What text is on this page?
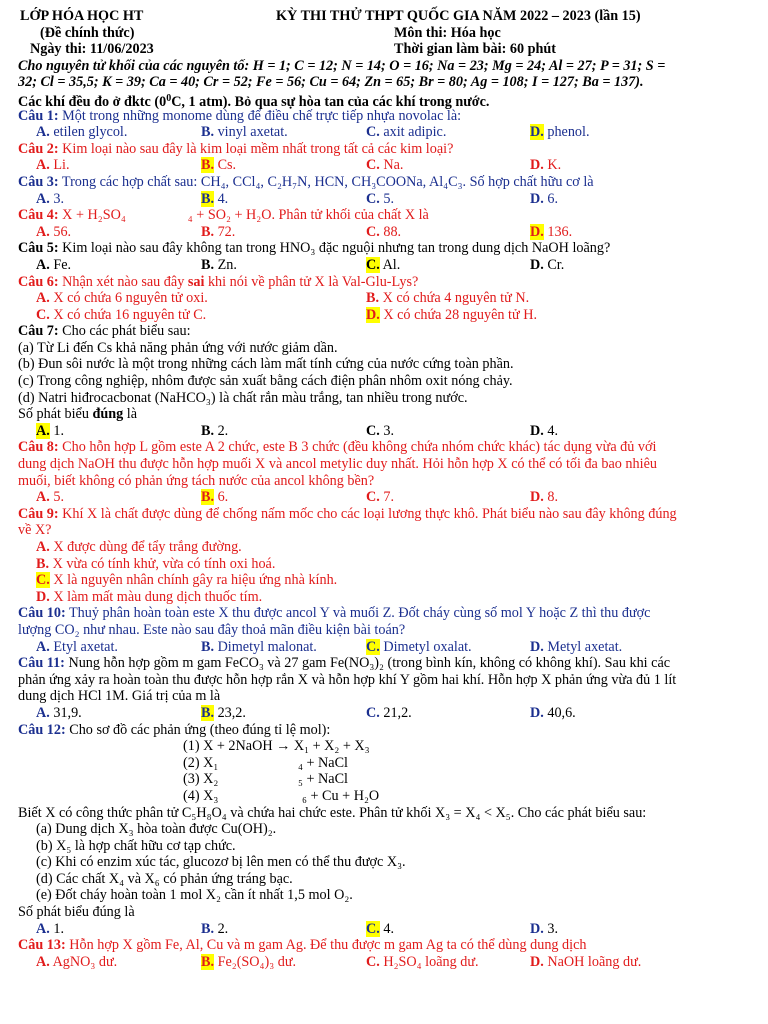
LỚP HÓA HỌC HT	KỲ THI THỬ THPT QUỐC GIA NĂM 2022 – 2023 (lần 15)
(Đề chính thức)	Môn thi: Hóa học
Ngày thi: 11/06/2023	Thời gian làm bài: 60 phút
Cho nguyên tử khối của các nguyên tố: H = 1; C = 12; N = 14; O = 16; Na = 23; Mg = 24; Al = 27; P = 31; S =
32; Cl = 35,5; K = 39; Ca = 40; Cr = 52; Fe = 56; Cu = 64; Zn = 65; Br = 80; Ag = 108; I = 127; Ba = 137).
Các khí đều đo ở đktc ($0^0C$, 1 atm). Bỏ qua sự hòa tan của các khí trong nước.
Câu 1: Một trong những monome dùng để điều chế trực tiếp nhựa novolac là:
A. etilen glycol.	B. vinyl axetat.	C. axit adipic.	D. phenol.
Câu 2: Kim loại nào sau đây là kim loại mềm nhất trong tất cả các kim loại?
A. Li.	B. Cs.	C. Na.	D. K.
Câu 3: Trong các hợp chất sau: CH₄, CCl₄, C₂H₇N, HCN, CH₃COONa, Al₄C₃. Số hợp chất hữu cơ là
A. 3.	B. 4.	C. 5.	D. 6.
Câu 4: X + H₂SO₄	₄ + SO₂ + H₂O. Phân tử khối của chất X là
A. 56.	B. 72.	C. 88.	D. 136.
Câu 5: Kim loại nào sau đây không tan trong HNO₃ đặc nguội nhưng tan trong dung dịch NaOH loãng?
A. Fe.	B. Zn.	C. Al.	D. Cr.
Câu 6: Nhận xét nào sau đây sai khi nói về phân tử X là Val-Glu-Lys?
A. X có chứa 6 nguyên tử oxi.	B. X có chứa 4 nguyên tử N.
C. X có chứa 16 nguyên tử C.	D. X có chứa 28 nguyên tử H.
Câu 7: Cho các phát biểu sau:
(a) Từ Li đến Cs khả năng phản ứng với nước giảm dần.
(b) Đun sôi nước là một trong những cách làm mất tính cứng của nước cứng toàn phần.
(c) Trong công nghiệp, nhôm được sản xuất bằng cách điện phân nhôm oxit nóng chảy.
(d) Natri hiđrocacbonat (NaHCO₃) là chất rắn màu trắng, tan nhiều trong nước.
Số phát biểu đúng là
A. 1.	B. 2.	C. 3.	D. 4.
Câu 8: Cho hỗn hợp L gồm este A 2 chức, este B 3 chức (đều không chứa nhóm chức khác) tác dụng vừa đủ với
dung dịch NaOH thu được hỗn hợp muối X và ancol metylic duy nhất. Hỏi hỗn hợp X có thể có tối đa bao nhiêu
muối, biết không có phản ứng tách nước của ancol không bền?
A. 5.	B. 6.	C. 7.	D. 8.
Câu 9: Khí X là chất được dùng để chống nấm mốc cho các loại lương thực khô. Phát biểu nào sau đây không đúng
về X?
A. X được dùng để tẩy trắng đường.
B. X vừa có tính khử, vừa có tính oxi hoá.
C. X là nguyên nhân chính gây ra hiệu ứng nhà kính.
D. X làm mất màu dung dịch thuốc tím.
Câu 10: Thuỷ phân hoàn toàn este X thu được ancol Y và muối Z. Đốt cháy cùng số mol Y hoặc Z thì thu được
lượng CO₂ như nhau. Este nào sau đây thoả mãn điều kiện bài toán?
A. Etyl axetat.	B. Dimetyl malonat.	C. Dimetyl oxalat.	D. Metyl axetat.
Câu 11: Nung hỗn hợp gồm m gam FeCO₃ và 27 gam Fe(NO₃)₂ (trong bình kín, không có không khí). Sau khi các
phản ứng xảy ra hoàn toàn thu được hỗn hợp rắn X và hỗn hợp khí Y gồm hai khí. Hỗn hợp X phản ứng vừa đủ 1 lít
dung dịch HCl 1M. Giá trị của m là
A. 31,9.	B. 23,2.	C. 21,2.	D. 40,6.
Câu 12: Cho sơ đồ các phản ứng (theo đúng tỉ lệ mol):
(1) X + 2NaOH → X₁ + X₂ + X₃
(2) X₁	₄ + NaCl
(3) X₂	₅ + NaCl
(4) X₃	₆ + Cu + H₂O
Biết X có công thức phân tử C₅H₈O₄ và chứa hai chức este. Phân tử khối X₃ = X₄ < X₅. Cho các phát biểu sau:
(a) Dung dịch X₃ hòa toàn được Cu(OH)₂.
(b) X₅ là hợp chất hữu cơ tạp chức.
(c) Khi có enzim xúc tác, glucozơ bị lên men có thể thu được X₃.
(d) Các chất X₄ và X₆ có phản ứng tráng bạc.
(e) Đốt cháy hoàn toàn 1 mol X₂ cần ít nhất 1,5 mol O₂.
Số phát biểu đúng là
A. 1.	B. 2.	C. 4.	D. 3.
Câu 13: Hỗn hợp X gồm Fe, Al, Cu và m gam Ag. Để thu được m gam Ag ta có thể dùng dung dịch
A. AgNO₃ dư.	B. Fe₂(SO₄)₃ dư.	C. H₂SO₄ loãng dư.	D. NaOH loãng dư.
